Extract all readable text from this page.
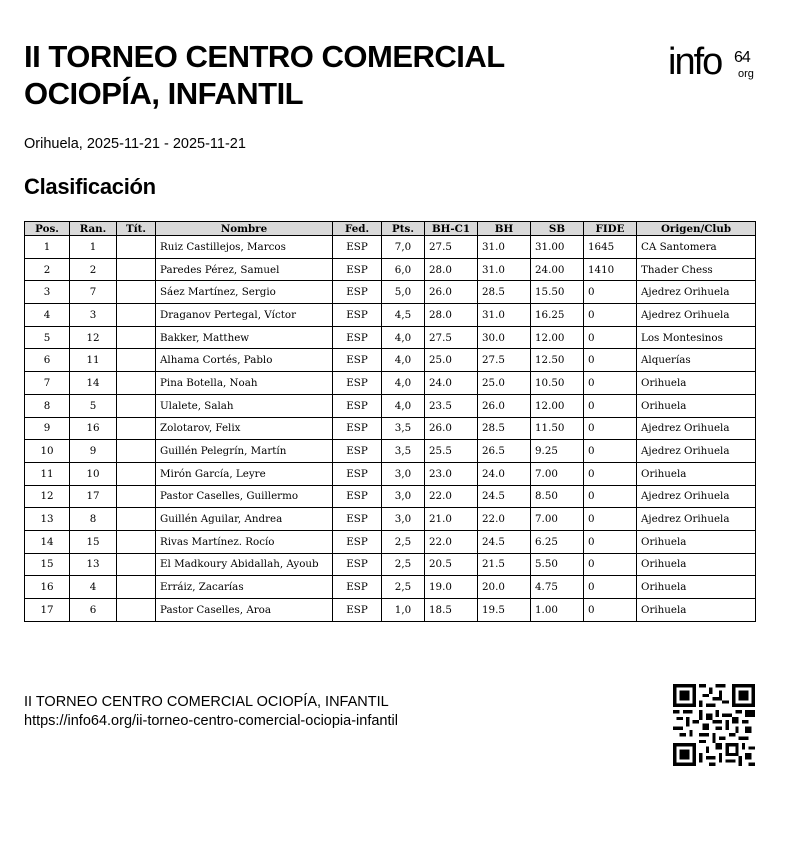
II TORNEO CENTRO COMERCIAL OCIOPÍA, INFANTIL
info 64
org

Orihuela, 2025-11-21 - 2025-11-21

Clasificación
Pos.	Ran.	Tít.	Nombre	Fed.	Pts.	BH-C1	BH	SB	FIDE	Origen/Club
1	1		Ruiz Castillejos, Marcos	ESP	7,0	27.5	31.0	31.00	1645	CA Santomera
2	2		Paredes Pérez, Samuel	ESP	6,0	28.0	31.0	24.00	1410	Thader Chess
3	7		Sáez Martínez, Sergio	ESP	5,0	26.0	28.5	15.50	0	Ajedrez Orihuela
4	3		Draganov Pertegal, Víctor	ESP	4,5	28.0	31.0	16.25	0	Ajedrez Orihuela
5	12		Bakker, Matthew	ESP	4,0	27.5	30.0	12.00	0	Los Montesinos
6	11		Alhama Cortés, Pablo	ESP	4,0	25.0	27.5	12.50	0	Alquerías
7	14		Pina Botella, Noah	ESP	4,0	24.0	25.0	10.50	0	Orihuela
8	5		Ulalete, Salah	ESP	4,0	23.5	26.0	12.00	0	Orihuela
9	16		Zolotarov, Felix	ESP	3,5	26.0	28.5	11.50	0	Ajedrez Orihuela
10	9		Guillén Pelegrín, Martín	ESP	3,5	25.5	26.5	9.25	0	Ajedrez Orihuela
11	10		Mirón García, Leyre	ESP	3,0	23.0	24.0	7.00	0	Orihuela
12	17		Pastor Caselles, Guillermo	ESP	3,0	22.0	24.5	8.50	0	Ajedrez Orihuela
13	8		Guillén Aguilar, Andrea	ESP	3,0	21.0	22.0	7.00	0	Ajedrez Orihuela
14	15		Rivas Martínez. Rocío	ESP	2,5	22.0	24.5	6.25	0	Orihuela
15	13		El Madkoury Abidallah, Ayoub	ESP	2,5	20.5	21.5	5.50	0	Orihuela
16	4		Erráiz, Zacarías	ESP	2,5	19.0	20.0	4.75	0	Orihuela
17	6		Pastor Caselles, Aroa	ESP	1,0	18.5	19.5	1.00	0	Orihuela
II TORNEO CENTRO COMERCIAL OCIOPÍA, INFANTIL
https://info64.org/ii-torneo-centro-comercial-ociopia-infantil
